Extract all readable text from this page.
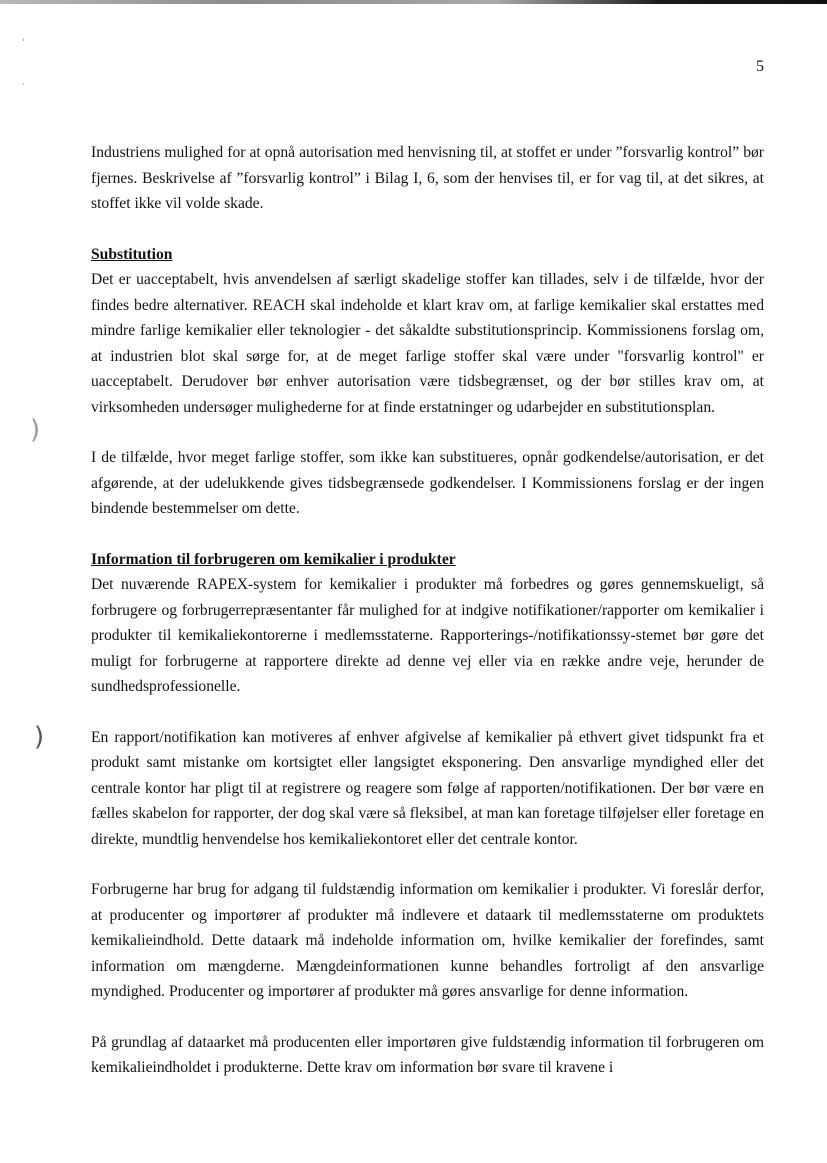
'
·
)
)
5

Industriens mulighed for at opnå autorisation med henvisning til, at stoffet er under ”forsvarlig kontrol” bør fjernes. Beskrivelse af ”forsvarlig kontrol” i Bilag I, 6, som der henvises til, er for vag til, at det sikres, at stoffet ikke vil volde skade.

Substitution

Det er uacceptabelt, hvis anvendelsen af særligt skadelige stoffer kan tillades, selv i de tilfælde, hvor der findes bedre alternativer. REACH skal indeholde et klart krav om, at farlige kemikalier skal erstattes med mindre farlige kemikalier eller teknologier - det såkaldte substitutionsprincip. Kommissionens forslag om, at industrien blot skal sørge for, at de meget farlige stoffer skal være under "forsvarlig kontrol" er uacceptabelt. Derudover bør enhver autorisation være tidsbegrænset, og der bør stilles krav om, at virksomheden undersøger mulighederne for at finde erstatninger og udarbejder en substitutionsplan.

I de tilfælde, hvor meget farlige stoffer, som ikke kan substitueres, opnår godkendelse/autorisation, er det afgørende, at der udelukkende gives tidsbegrænsede godkendelser. I Kommissionens forslag er der ingen bindende bestemmelser om dette.

Information til forbrugeren om kemikalier i produkter

Det nuværende RAPEX-system for kemikalier i produkter må forbedres og gøres gennemskueligt, så forbrugere og forbrugerrepræsentanter får mulighed for at indgive notifikationer/rapporter om kemikalier i produkter til kemikaliekontorerne i medlemsstaterne. Rapporterings-/notifikationssy-stemet bør gøre det muligt for forbrugerne at rapportere direkte ad denne vej eller via en række andre veje, herunder de sundhedsprofessionelle.

En rapport/notifikation kan motiveres af enhver afgivelse af kemikalier på ethvert givet tidspunkt fra et produkt samt mistanke om kortsigtet eller langsigtet eksponering. Den ansvarlige myndighed eller det centrale kontor har pligt til at registrere og reagere som følge af rapporten/notifikationen. Der bør være en fælles skabelon for rapporter, der dog skal være så fleksibel, at man kan foretage tilføjelser eller foretage en direkte, mundtlig henvendelse hos kemikaliekontoret eller det centrale kontor.

Forbrugerne har brug for adgang til fuldstændig information om kemikalier i produkter. Vi foreslår derfor, at producenter og importører af produkter må indlevere et dataark til medlemsstaterne om produktets kemikalieindhold. Dette dataark må indeholde information om, hvilke kemikalier der forefindes, samt information om mængderne. Mængdeinformationen kunne behandles fortroligt af den ansvarlige myndighed. Producenter og importører af produkter må gøres ansvarlige for denne information.

På grundlag af dataarket må producenten eller importøren give fuldstændig information til forbrugeren om kemikalieindholdet i produkterne. Dette krav om information bør svare til kravene i
